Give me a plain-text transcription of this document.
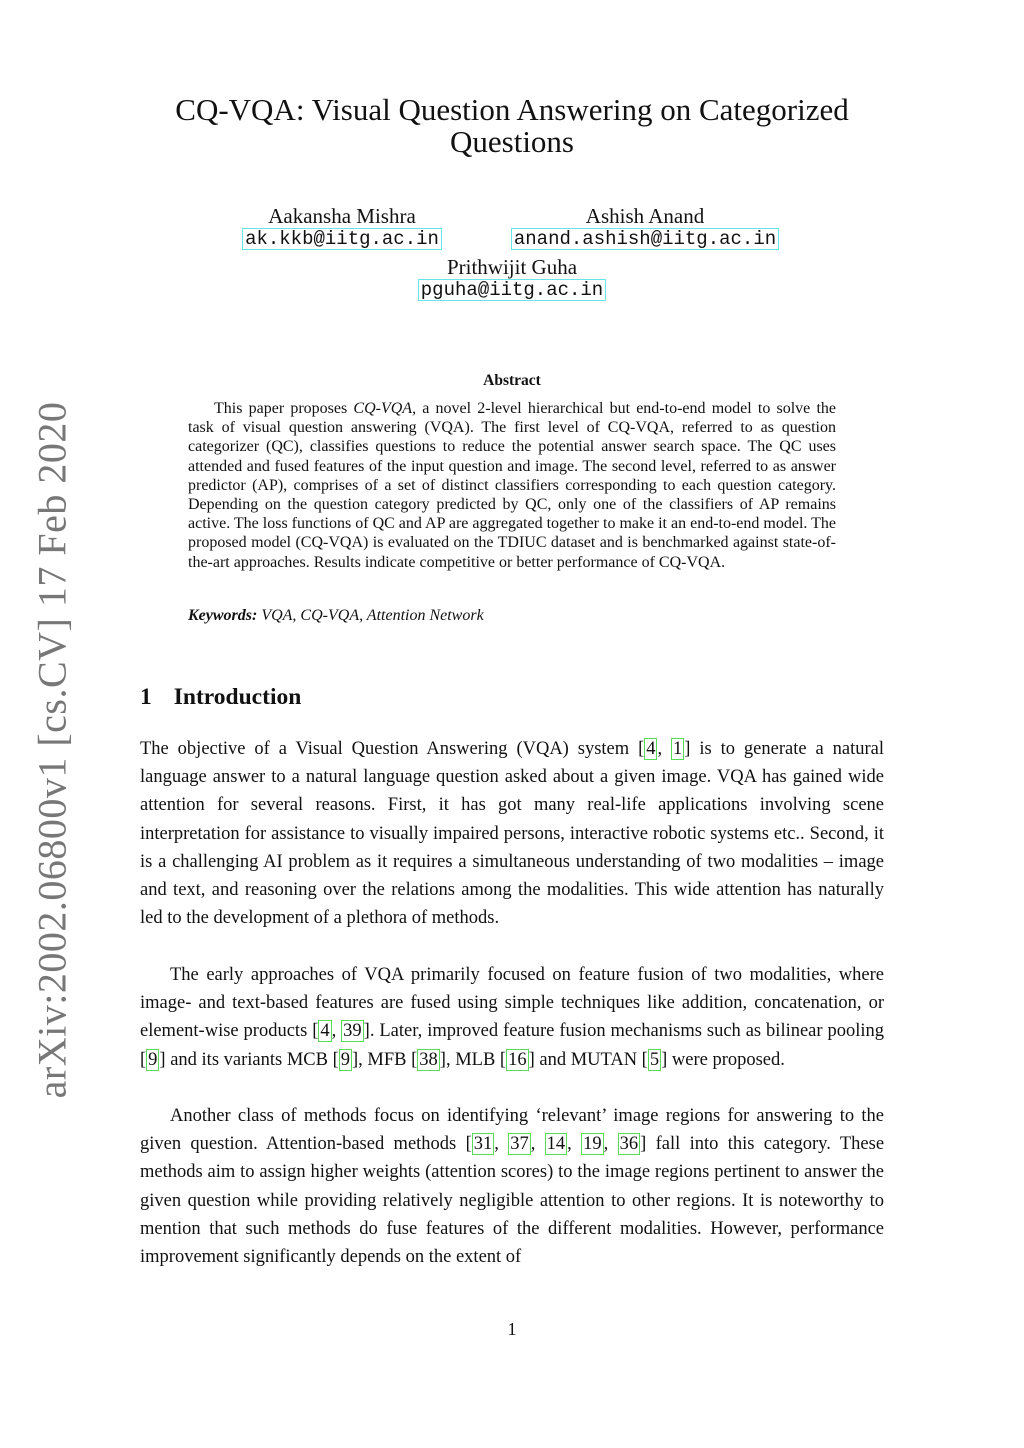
arXiv:2002.06800v1 [cs.CV] 17 Feb 2020
CQ-VQA: Visual Question Answering on Categorized Questions
Aakansha Mishra
ak.kkb@iitg.ac.in
Ashish Anand
anand.ashish@iitg.ac.in
Prithwijit Guha
pguha@iitg.ac.in
Abstract

This paper proposes CQ-VQA, a novel 2-level hierarchical but end-to-end model to solve the task of visual question answering (VQA). The first level of CQ-VQA, referred to as question categorizer (QC), classifies questions to reduce the potential answer search space. The QC uses attended and fused features of the input question and image. The second level, referred to as answer predictor (AP), comprises of a set of distinct classifiers corresponding to each question category. Depending on the question category predicted by QC, only one of the classifiers of AP remains active. The loss functions of QC and AP are aggregated together to make it an end-to-end model. The proposed model (CQ-VQA) is evaluated on the TDIUC dataset and is benchmarked against state-of-the-art approaches. Results indicate competitive or better performance of CQ-VQA.

Keywords: VQA, CQ-VQA, Attention Network
1 Introduction

The objective of a Visual Question Answering (VQA) system [ 4 , 1 ] is to generate a natural language answer to a natural language question asked about a given image. VQA has gained wide attention for several reasons. First, it has got many real-life applications involving scene interpretation for assistance to visually impaired persons, interactive robotic systems etc.. Second, it is a challenging AI problem as it requires a simultaneous understanding of two modalities – image and text, and reasoning over the relations among the modalities. This wide attention has naturally led to the development of a plethora of methods.

The early approaches of VQA primarily focused on feature fusion of two modalities, where image- and text-based features are fused using simple techniques like addition, concatenation, or element-wise products [ 4 , 39 ]. Later, improved feature fusion mechanisms such as bilinear pooling [ 9 ] and its variants MCB [ 9 ], MFB [ 38 ], MLB [ 16 ] and MUTAN [ 5 ] were proposed.

Another class of methods focus on identifying ‘relevant’ image regions for answering to the given question. Attention-based methods [ 31 , 37 , 14 , 19 , 36 ] fall into this category. These methods aim to assign higher weights (attention scores) to the image regions pertinent to answer the given question while providing relatively negligible attention to other regions. It is noteworthy to mention that such methods do fuse features of the different modalities. However, performance improvement significantly depends on the extent of

1
